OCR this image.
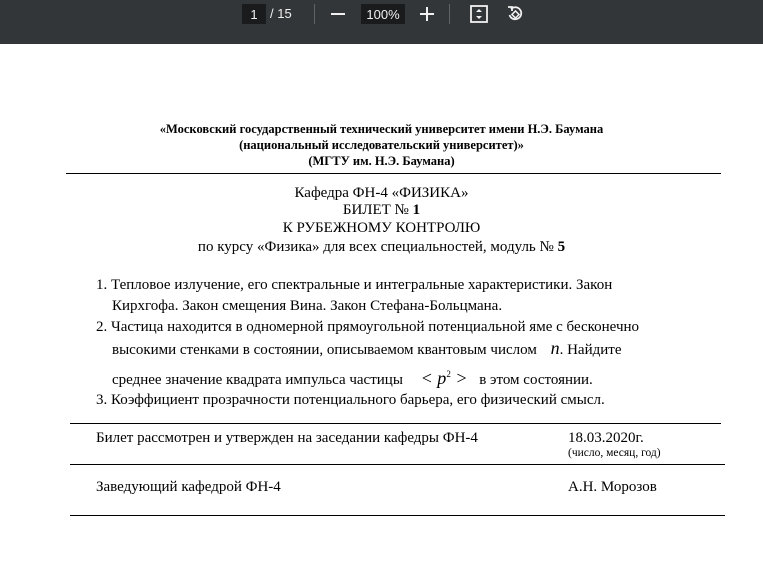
1
/ 15
100%
«Московский государственный технический университет имени Н.Э. Баумана
(национальный исследовательский университет)»
(МГТУ им. Н.Э. Баумана)
Кафедра ФН-4 «ФИЗИКА»
БИЛЕТ № 1
К РУБЕЖНОМУ КОНТРОЛЮ
по курсу «Физика» для всех специальностей, модуль № 5
1. Тепловое излучение, его спектральные и интегральные характеристики. Закон
Кирхгофа. Закон смещения Вина. Закон Стефана-Больцмана.
2. Частица находится в одномерной прямоугольной потенциальной яме с бесконечно
высокими стенками в состоянии, описываемом квантовым числом n. Найдите
среднее значение квадрата импульса частицы < $p^2 > в$ этом состоянии.
3. Коэффициент прозрачности потенциального барьера, его физический смысл.
Билет рассмотрен и утвержден на заседании кафедры ФН-4	18.03.2020г.
(число, месяц, год)
Заведующий кафедрой ФН-4	А.Н. Морозов
